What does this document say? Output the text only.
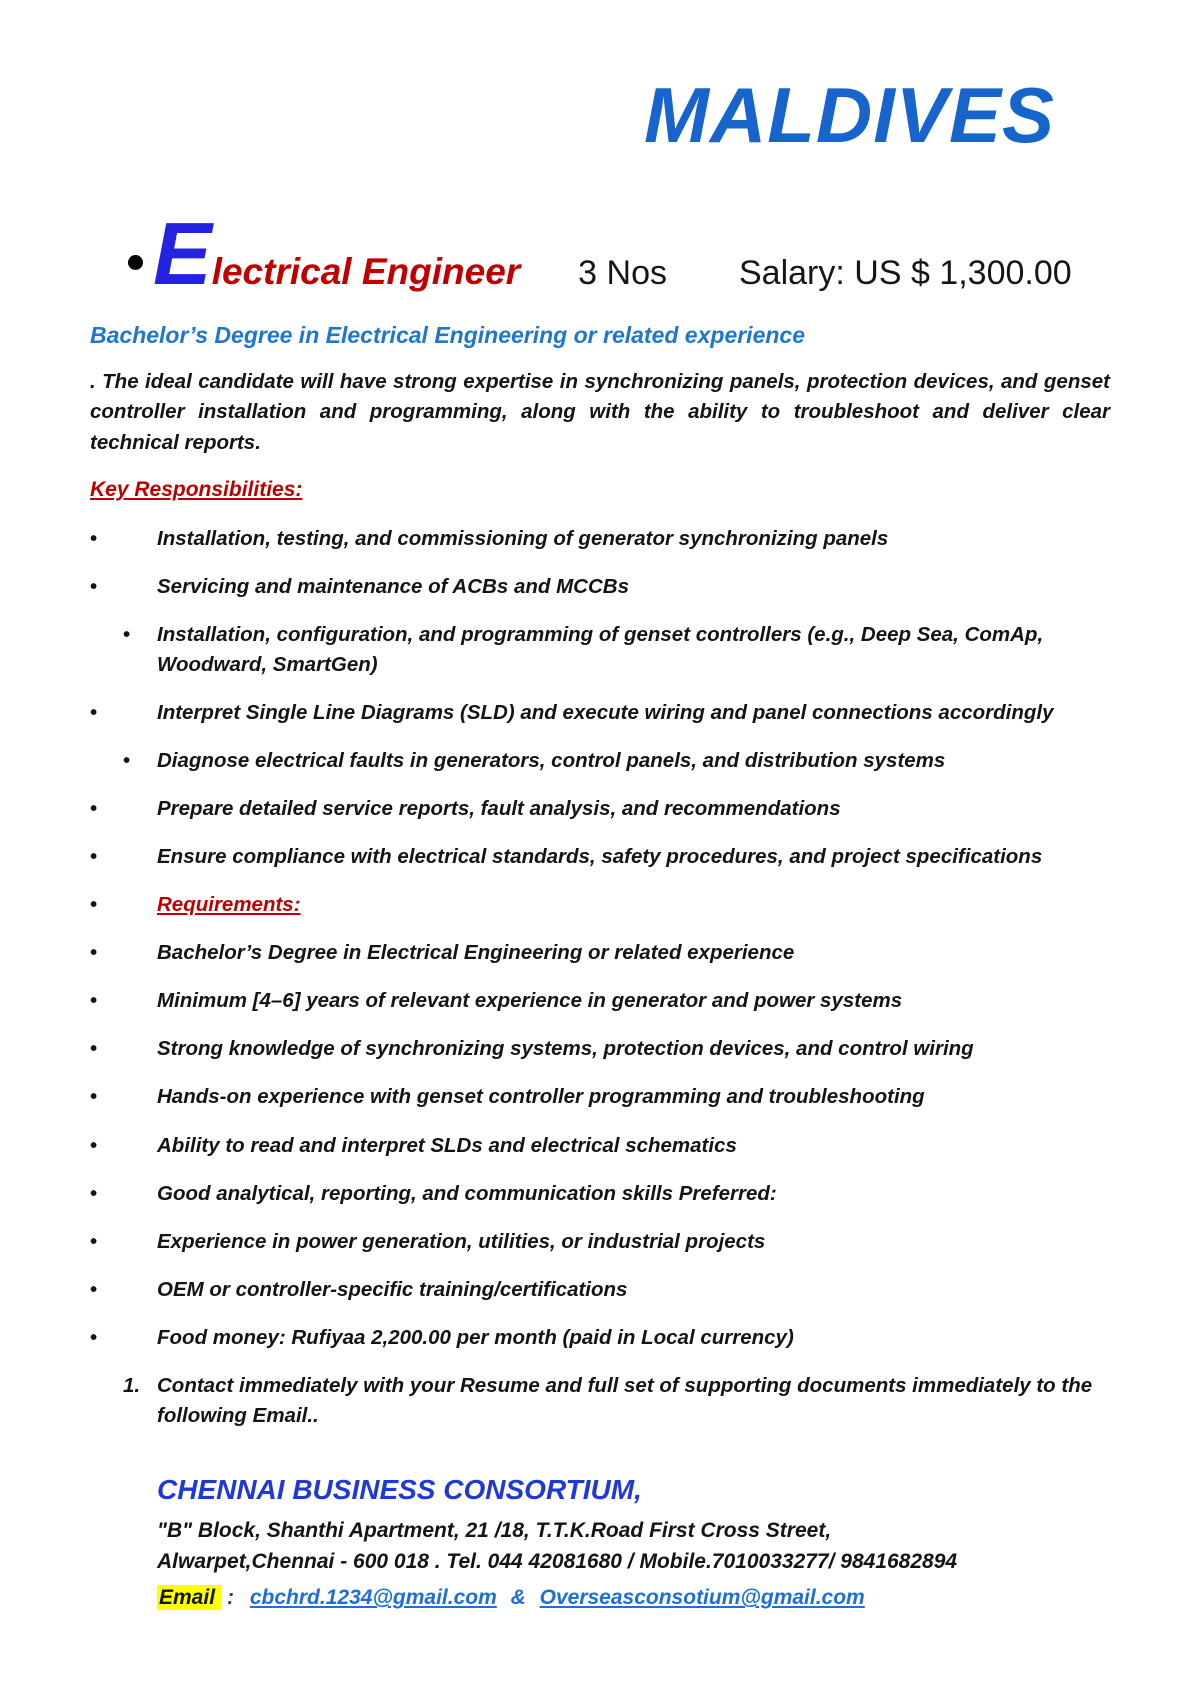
MALDIVES
E lectrical Engineer 3 Nos Salary: US $ 1,300.00

Bachelor’s Degree in Electrical Engineering or related experience

. The ideal candidate will have strong expertise in synchronizing panels, protection devices, and genset controller installation and programming, along with the ability to troubleshoot and deliver clear technical reports.

Key Responsibilities:

•
Installation, testing, and commissioning of generator synchronizing panels
•
Servicing and maintenance of ACBs and MCCBs
•
Installation, configuration, and programming of genset controllers (e.g., Deep Sea, ComAp, Woodward, SmartGen)
•
Interpret Single Line Diagrams (SLD) and execute wiring and panel connections accordingly
•
Diagnose electrical faults in generators, control panels, and distribution systems
•
Prepare detailed service reports, fault analysis, and recommendations
•
Ensure compliance with electrical standards, safety procedures, and project specifications
•
Requirements:
•
Bachelor’s Degree in Electrical Engineering or related experience
•
Minimum [4–6] years of relevant experience in generator and power systems
•
Strong knowledge of synchronizing systems, protection devices, and control wiring
•
Hands-on experience with genset controller programming and troubleshooting
•
Ability to read and interpret SLDs and electrical schematics
•
Good analytical, reporting, and communication skills Preferred:
•
Experience in power generation, utilities, or industrial projects
•
OEM or controller-specific training/certifications
•
Food money: Rufiyaa 2,200.00 per month (paid in Local currency)
1. Contact immediately with your Resume and full set of supporting documents immediately to the following Email..

CHENNAI BUSINESS CONSORTIUM,

"B" Block, Shanthi Apartment, 21 /18, T.T.K.Road First Cross Street,
Alwarpet,Chennai - 600 018 . Tel. 044 42081680 / Mobile.7010033277/ 9841682894

Email : cbchrd.1234@gmail.com & Overseasconsotium@gmail.com
